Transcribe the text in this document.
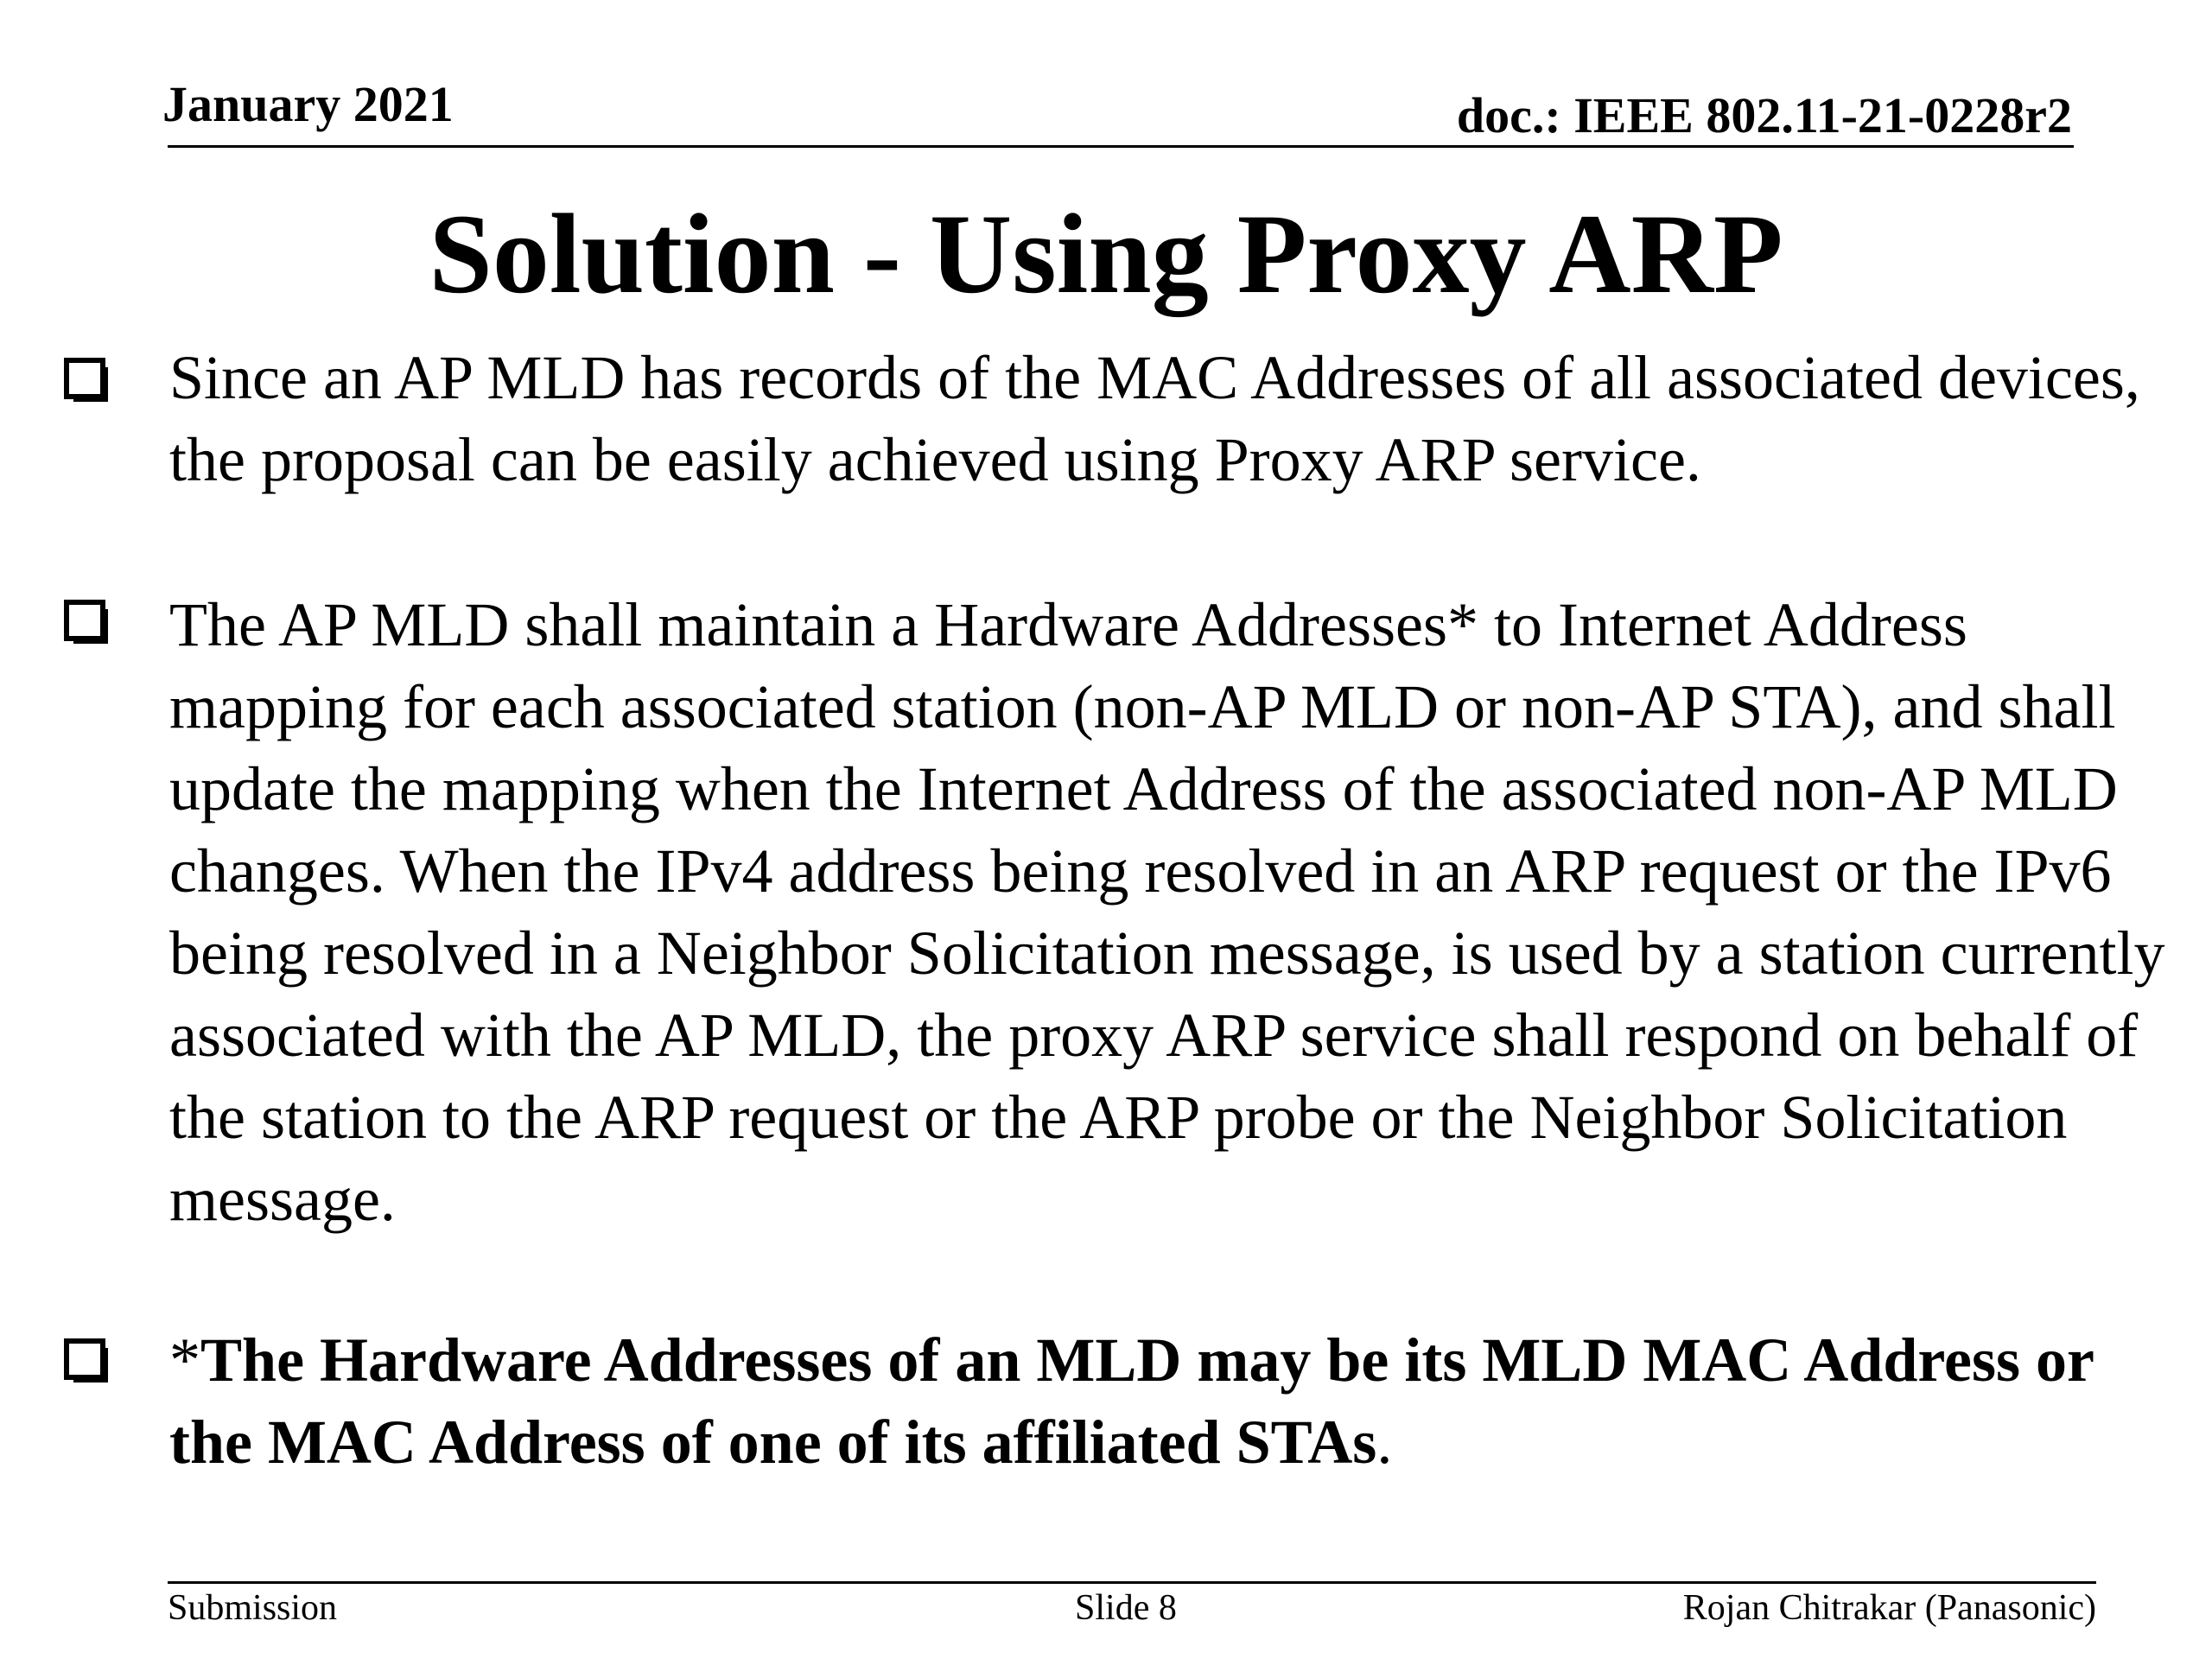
January 2021	doc.: IEEE 802.11-21-0228r2
Solution - Using Proxy ARP
Since an AP MLD has records of the MAC Addresses of all associated devices, the proposal can be easily achieved using Proxy ARP service.
The AP MLD shall maintain a Hardware Addresses* to Internet Address mapping for each associated station (non-AP MLD or non-AP STA), and shall update the mapping when the Internet Address of the associated non-AP MLD changes. When the IPv4 address being resolved in an ARP request or the IPv6 being resolved in a Neighbor Solicitation message, is used by a station currently associated with the AP MLD, the proxy ARP service shall respond on behalf of the station to the ARP request or the ARP probe or the Neighbor Solicitation message.
*The Hardware Addresses of an MLD may be its MLD MAC Address or the MAC Address of one of its affiliated STAs.
Submission	Slide 8	Rojan Chitrakar (Panasonic)
